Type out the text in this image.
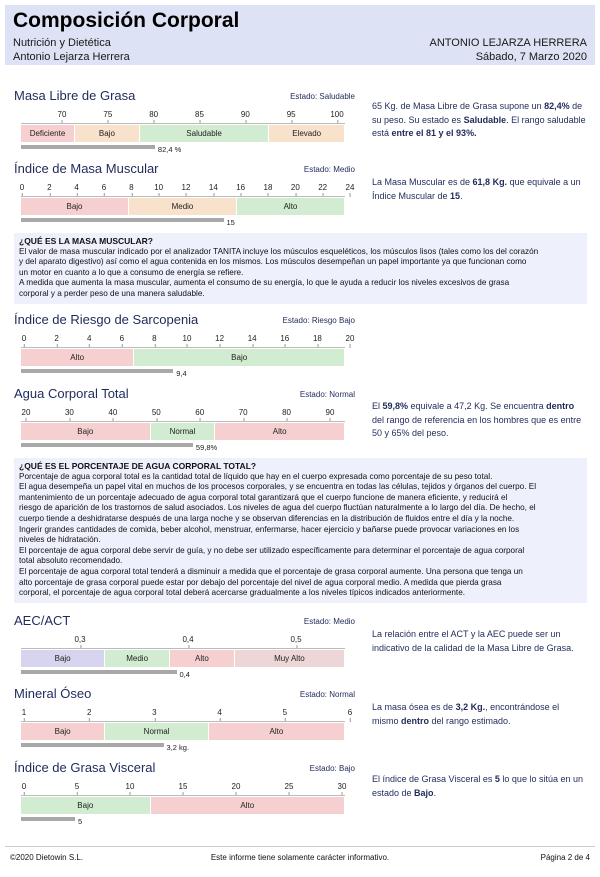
Composición Corporal
Nutrición y Dietética
Antonio Lejarza Herrera
ANTONIO LEJARZA HERRERA
Sábado, 7 Marzo 2020
Masa Libre de Grasa	Estado: Saludable
70	75	80	85	90	95	100
Deficiente	Bajo	Saludable	Elevado
82,4 %
65 Kg. de Masa Libre de Grasa supone un 82,4% de su peso. Su estado es Saludable. El rango saludable está entre el 81 y el 93%.
Índice de Masa Muscular	Estado: Medio
0	2	4	6	8	10 12 14 16 18 20 22 24
Bajo	Medio	Alto
15
La Masa Muscular es de 61,8 Kg. que equivale a un Índice Muscular de 15.
Índice de Riesgo de Sarcopenia	Estado: Riesgo Bajo
0	2	4	6	8	10	12	14	16	18	20
Alto	Bajo
9,4
Agua Corporal Total	Estado: Normal
20	30	40	50	60	70	80	90
Bajo	Normal	Alto
59,8%
El 59,8% equivale a 47,2 Kg. Se encuentra dentro del rango de referencia en los hombres que es entre 50 y 65% del peso.
AEC/ACT	Estado: Medio
0,3	0,4	0,5
Bajo	Medio	Alto	Muy Alto
0,4
La relación entre el ACT y la AEC puede ser un indicativo de la calidad de la Masa Libre de Grasa.
Mineral Óseo	Estado: Normal
1	2	3	4	5	6
Bajo	Normal	Alto
3,2 kg.
La masa ósea es de 3,2 Kg., encontrándose el mismo dentro del rango estimado.
Índice de Grasa Visceral	Estado: Bajo
0	5	10	15	20	25	30
Bajo	Alto
5
El índice de Grasa Visceral es 5 lo que lo sitúa en un estado de Bajo.
¿QUÉ ES LA MASA MUSCULAR?
El valor de masa muscular indicado por el analizador TANITA incluye los músculos esqueléticos, los músculos lisos (tales como los del corazón
y del aparato digestivo) así como el agua contenida en los mismos. Los músculos desempeñan un papel importante ya que funcionan como
un motor en cuanto a lo que a consumo de energía se refiere.
A medida que aumenta la masa muscular, aumenta el consumo de su energía, lo que le ayuda a reducir los niveles excesivos de grasa
corporal y a perder peso de una manera saludable.
¿QUÉ ES EL PORCENTAJE DE AGUA CORPORAL TOTAL?
Porcentaje de agua corporal total es la cantidad total de líquido que hay en el cuerpo expresada como porcentaje de su peso total.
El agua desempeña un papel vital en muchos de los procesos corporales, y se encuentra en todas las células, tejidos y órganos del cuerpo. El
mantenimiento de un porcentaje adecuado de agua corporal total garantizará que el cuerpo funcione de manera eficiente, y reducirá el
riesgo de aparición de los trastornos de salud asociados. Los niveles de agua del cuerpo fluctúan naturalmente a lo largo del día. De hecho, el
cuerpo tiende a deshidratarse después de una larga noche y se observan diferencias en la distribución de fluidos entre el día y la noche.
Ingerir grandes cantidades de comida, beber alcohol, menstruar, enfermarse, hacer ejercicio y bañarse puede provocar variaciones en los
niveles de hidratación.
El porcentaje de agua corporal debe servir de guía, y no debe ser utilizado específicamente para determinar el porcentaje de agua corporal
total absoluto recomendado.
El porcentaje de agua corporal total tenderá a disminuir a medida que el porcentaje de grasa corporal aumente. Una persona que tenga un
alto porcentaje de grasa corporal puede estar por debajo del porcentaje del nivel de agua corporal medio. A medida que pierda grasa
corporal, el porcentaje de agua corporal total deberá acercarse gradualmente a los niveles típicos indicados anteriormente.
©2020 Dietowin S.L.	Este informe tiene solamente carácter informativo.	Página 2 de 4
